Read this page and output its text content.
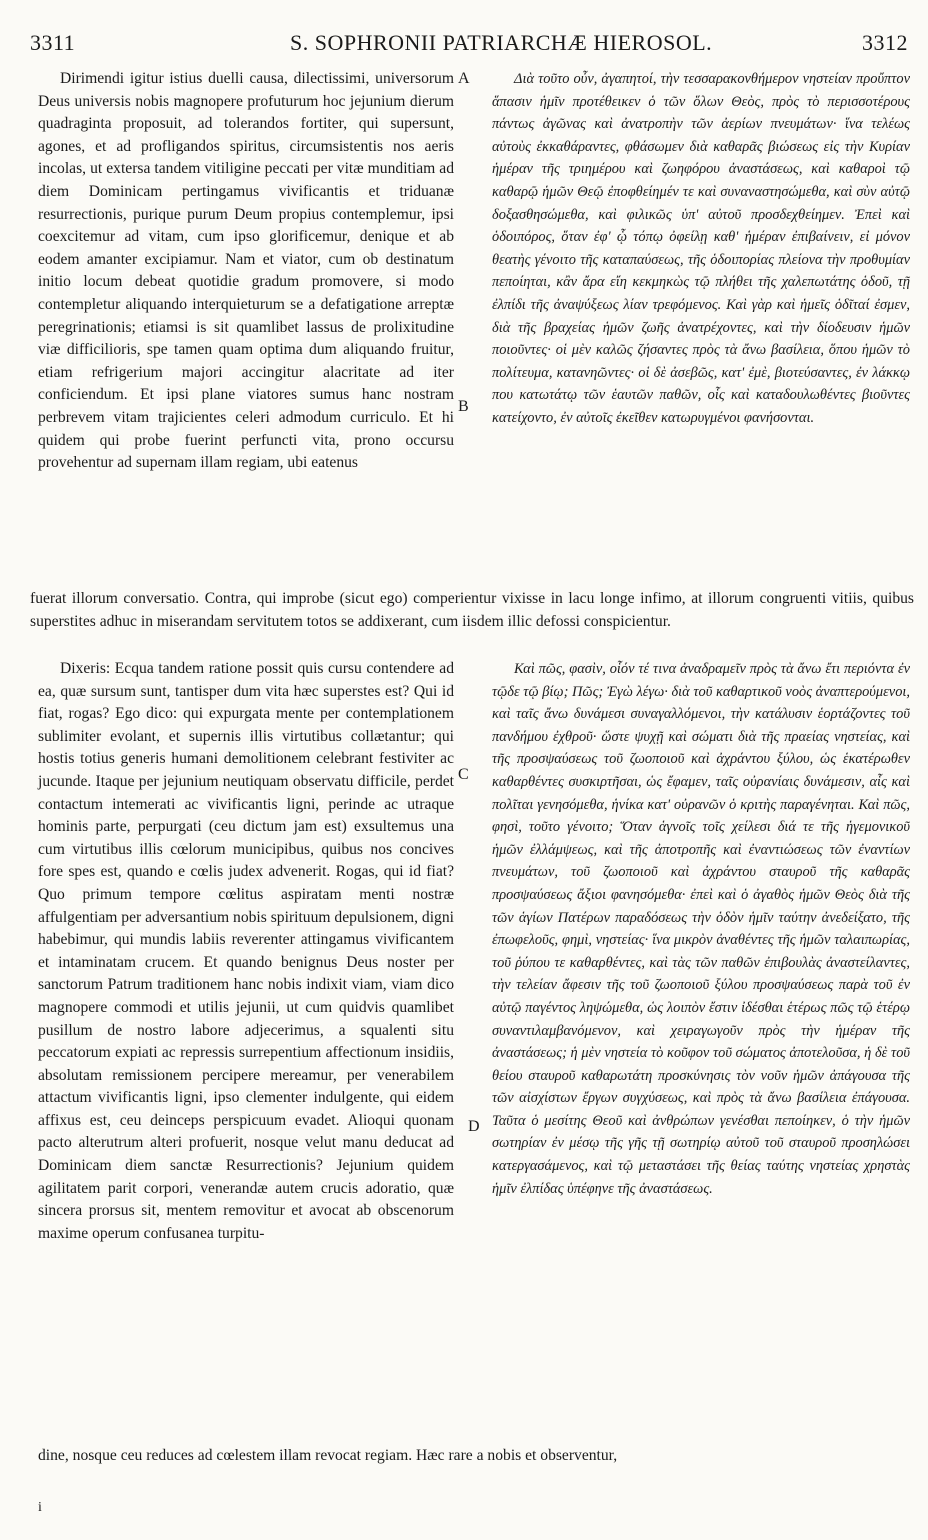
3311	S. SOPHRONII PATRIARCHÆ HIEROSOL.	3312

Dirimendi igitur istius duelli causa, dilectissimi, universorum Deus universis nobis magnopere profuturum hoc jejunium dierum quadraginta proposuit, ad tolerandos fortiter, qui supersunt, agones, et ad profligandos spiritus, circumsistentis nos aeris incolas, ut extersa tandem vitiligine peccati per vitæ munditiam ad diem Dominicam pertingamus vivificantis et triduanæ resurrectionis, purique purum Deum propius contemplemur, ipsi coexcitemur ad vitam, cum ipso glorificemur, denique et ab eodem amanter excipiamur. Nam et viator, cum ob destinatum initio locum debeat quotidie gradum promovere, si modo contempletur aliquando interquieturum se a defatigatione arreptæ peregrinationis; etiamsi is sit quamlibet lassus de prolixitudine viæ difficilioris, spe tamen quam optima dum aliquando fruitur, etiam refrigerium majori accingitur alacritate ad iter conficiendum. Et ipsi plane viatores sumus hanc nostram perbrevem vitam trajicientes celeri admodum curriculo. Et hi quidem qui probe fuerint perfuncti vita, prono occursu provehentur ad supernam illam regiam, ubi eatenus

A
B

Διὰ τοῦτο οὖν, ἀγαπητοί, τὴν τεσσαρακονθήμερον νηστείαν προὔπτον ἅπασιν ἡμῖν προτέθεικεν ὁ τῶν ὅλων Θεὸς, πρὸς τὸ περισσοτέρους πάντως ἀγῶνας καὶ ἀνατροπὴν τῶν ἀερίων πνευμάτων· ἵνα τελέως αὐτοὺς ἐκκαθάραντες, φθάσωμεν διὰ καθαρᾶς βιώσεως εἰς τὴν Κυρίαν ἡμέραν τῆς τριημέρου καὶ ζωηφόρου ἀναστάσεως, καὶ καθαροὶ τῷ καθαρῷ ἡμῶν Θεῷ ἐποφθείημέν τε καὶ συναναστησώμεθα, καὶ σὺν αὐτῷ δοξασθησώμεθα, καὶ φιλικῶς ὑπ' αὐτοῦ προσδεχθείημεν. Ἐπεὶ καὶ ὁδοιπόρος, ὅταν ἐφ' ᾧ τόπῳ ὀφείλῃ καθ' ἡμέραν ἐπιβαίνειν, εἰ μόνον θεατὴς γένοιτο τῆς καταπαύσεως, τῆς ὁδοιπορίας πλείονα τὴν προθυμίαν πεποίηται, κἂν ἄρα εἴη κεκμηκὼς τῷ πλήθει τῆς χαλεπωτάτης ὁδοῦ, τῇ ἐλπίδι τῆς ἀναψύξεως λίαν τρεφόμενος. Καὶ γὰρ καὶ ἡμεῖς ὁδῖταί ἐσμεν, διὰ τῆς βραχείας ἡμῶν ζωῆς ἀνατρέχοντες, καὶ τὴν δίοδευσιν ἡμῶν ποιοῦντες· οἱ μὲν καλῶς ζήσαντες πρὸς τὰ ἄνω βασίλεια, ὅπου ἡμῶν τὸ πολίτευμα, κατανηῶντες· οἱ δὲ ἀσεβῶς, κατ' ἐμὲ, βιοτεύσαντες, ἐν λάκκῳ που κατωτάτῳ τῶν ἑαυτῶν παθῶν, οἷς καὶ καταδουλωθέντες βιοῦντες κατείχοντο, ἐν αὐτοῖς ἐκεῖθεν κατωρυγμένοι φανήσονται.

fuerat illorum conversatio. Contra, qui improbe (sicut ego) comperientur vixisse in lacu longe infimo, at illorum congruenti vitiis, quibus superstites adhuc in miserandam servitutem totos se addixerant, cum iisdem illic defossi conspicientur.

Dixeris: Ecqua tandem ratione possit quis cursu contendere ad ea, quæ sursum sunt, tantisper dum vita hæc superstes est? Qui id fiat, rogas? Ego dico: qui expurgata mente per contemplationem sublimiter evolant, et supernis illis virtutibus collætantur; qui hostis totius generis humani demolitionem celebrant festiviter ac jucunde. Itaque per jejunium neutiquam observatu difficile, perdet contactum intemerati ac vivificantis ligni, perinde ac utraque hominis parte, perpurgati (ceu dictum jam est) exsultemus una cum virtutibus illis cœlorum municipibus, quibus nos concives fore spes est, quando e cœlis judex advenerit. Rogas, qui id fiat? Quo primum tempore cœlitus aspiratam menti nostræ affulgentiam per adversantium nobis spirituum depulsionem, digni habebimur, qui mundis labiis reverenter attingamus vivificantem et intaminatam crucem. Et quando benignus Deus noster per sanctorum Patrum traditionem hanc nobis indixit viam, viam dico magnopere commodi et utilis jejunii, ut cum quidvis quamlibet pusillum de nostro labore adjecerimus, a squalenti situ peccatorum expiati ac repressis surrepentium affectionum insidiis, absolutam remissionem percipere mereamur, per venerabilem attactum vivificantis ligni, ipso clementer indulgente, qui eidem affixus est, ceu deinceps perspicuum evadet. Alioqui quonam pacto alterutrum alteri profuerit, nosque velut manu deducat ad Dominicam diem sanctæ Resurrectionis? Jejunium quidem agilitatem parit corpori, venerandæ autem crucis adoratio, quæ sincera prorsus sit, mentem removitur et avocat ab obscenorum maxime operum confusanea turpitu-

C
D

Καὶ πῶς, φασὶν, οἷόν τέ τινα ἀναδραμεῖν πρὸς τὰ ἄνω ἔτι περιόντα ἐν τῷδε τῷ βίῳ; Πῶς; Ἐγὼ λέγω· διὰ τοῦ καθαρτικοῦ νοὸς ἀναπτερούμενοι, καὶ ταῖς ἄνω δυνάμεσι συναγαλλόμενοι, τὴν κατάλυσιν ἑορτάζοντες τοῦ πανδήμου ἐχθροῦ· ὥστε ψυχῇ καὶ σώματι διὰ τῆς πραείας νηστείας, καὶ τῆς προσψαύσεως τοῦ ζωοποιοῦ καὶ ἀχράντου ξύλου, ὡς ἑκατέρωθεν καθαρθέντες συσκιρτῆσαι, ὡς ἔφαμεν, ταῖς οὐρανίαις δυνάμεσιν, αἷς καὶ πολῖται γενησόμεθα, ἡνίκα κατ' οὐρανῶν ὁ κριτὴς παραγένηται. Καὶ πῶς, φησὶ, τοῦτο γένοιτο; Ὅταν ἁγνοῖς τοῖς χείλεσι διά τε τῆς ἡγεμονικοῦ ἡμῶν ἐλλάμψεως, καὶ τῆς ἀποτροπῆς καὶ ἐναντιώσεως τῶν ἐναντίων πνευμάτων, τοῦ ζωοποιοῦ καὶ ἀχράντου σταυροῦ τῆς καθαρᾶς προσψαύσεως ἄξιοι φανησόμεθα· ἐπεὶ καὶ ὁ ἀγαθὸς ἡμῶν Θεὸς διὰ τῆς τῶν ἁγίων Πατέρων παραδόσεως τὴν ὁδὸν ἡμῖν ταύτην ἀνεδείξατο, τῆς ἐπωφελοῦς, φημὶ, νηστείας· ἵνα μικρὸν ἀναθέντες τῆς ἡμῶν ταλαιπωρίας, τοῦ ῥύπου τε καθαρθέντες, καὶ τὰς τῶν παθῶν ἐπιβουλὰς ἀναστείλαντες, τὴν τελείαν ἄφεσιν τῆς τοῦ ζωοποιοῦ ξύλου προσψαύσεως παρὰ τοῦ ἐν αὐτῷ παγέντος ληψώμεθα, ὡς λοιπὸν ἔστιν ἰδέσθαι ἑτέρως πῶς τῷ ἑτέρῳ συναντιλαμβανόμενον, καὶ χειραγωγοῦν πρὸς τὴν ἡμέραν τῆς ἀναστάσεως; ἡ μὲν νηστεία τὸ κοῦφον τοῦ σώματος ἀποτελοῦσα, ἡ δὲ τοῦ θείου σταυροῦ καθαρωτάτη προσκύνησις τὸν νοῦν ἡμῶν ἀπάγουσα τῆς τῶν αἰσχίστων ἔργων συγχύσεως, καὶ πρὸς τὰ ἄνω βασίλεια ἐπάγουσα. Ταῦτα ὁ μεσίτης Θεοῦ καὶ ἀνθρώπων γενέσθαι πεποίηκεν, ὁ τὴν ἡμῶν σωτηρίαν ἐν μέσῳ τῆς γῆς τῇ σωτηρίῳ αὐτοῦ τοῦ σταυροῦ προσηλώσει κατεργασάμενος, καὶ τῷ μεταστάσει τῆς θείας ταύτης νηστείας χρηστὰς ἡμῖν ἐλπίδας ὑπέφηνε τῆς ἀναστάσεως.

dine, nosque ceu reduces ad cœlestem illam revocat regiam. Hæc rare a nobis et observentur,

i
